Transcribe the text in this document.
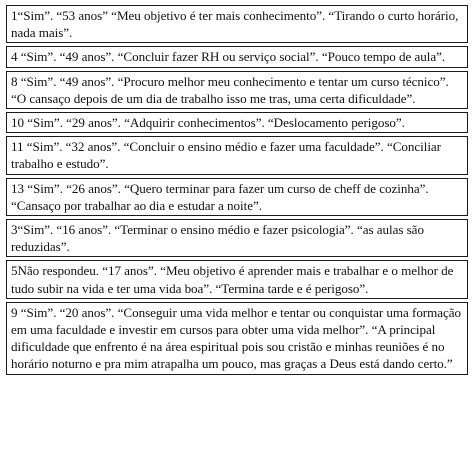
1“Sim”. “53 anos” “Meu objetivo é ter mais conhecimento”. “Tirando o curto horário, nada mais”.

4 “Sim”. “49 anos”. “Concluir fazer RH ou serviço social”. “Pouco tempo de aula”.

8 “Sim”. “49 anos”. “Procuro melhor meu conhecimento e tentar um curso técnico”. “O cansaço depois de um dia de trabalho isso me tras, uma certa dificuldade”.

10 “Sim”. “29 anos”. “Adquirir conhecimentos”. “Deslocamento perigoso”.

11 “Sim”. “32 anos”. “Concluir o ensino médio e fazer uma faculdade”. “Conciliar trabalho e estudo”.

13 “Sim”. “26 anos”. “Quero terminar para fazer um curso de cheff de cozinha”. “Cansaço por trabalhar ao dia e estudar a noite”.

3“Sim”. “16 anos”. “Terminar o ensino médio e fazer psicologia”. “as aulas são reduzidas”.

5Não respondeu. “17 anos”. “Meu objetivo é aprender mais e trabalhar e o melhor de tudo subir na vida e ter uma vida boa”. “Termina tarde e é perigoso”.

9 “Sim”. “20 anos”. “Conseguir uma vida melhor e tentar ou conquistar uma formação em uma faculdade e investir em cursos para obter uma vida melhor”. “A principal dificuldade que enfrento é na área espiritual pois sou cristão e minhas reuniões é no horário noturno e pra mim atrapalha um pouco, mas graças a Deus está dando certo.”
